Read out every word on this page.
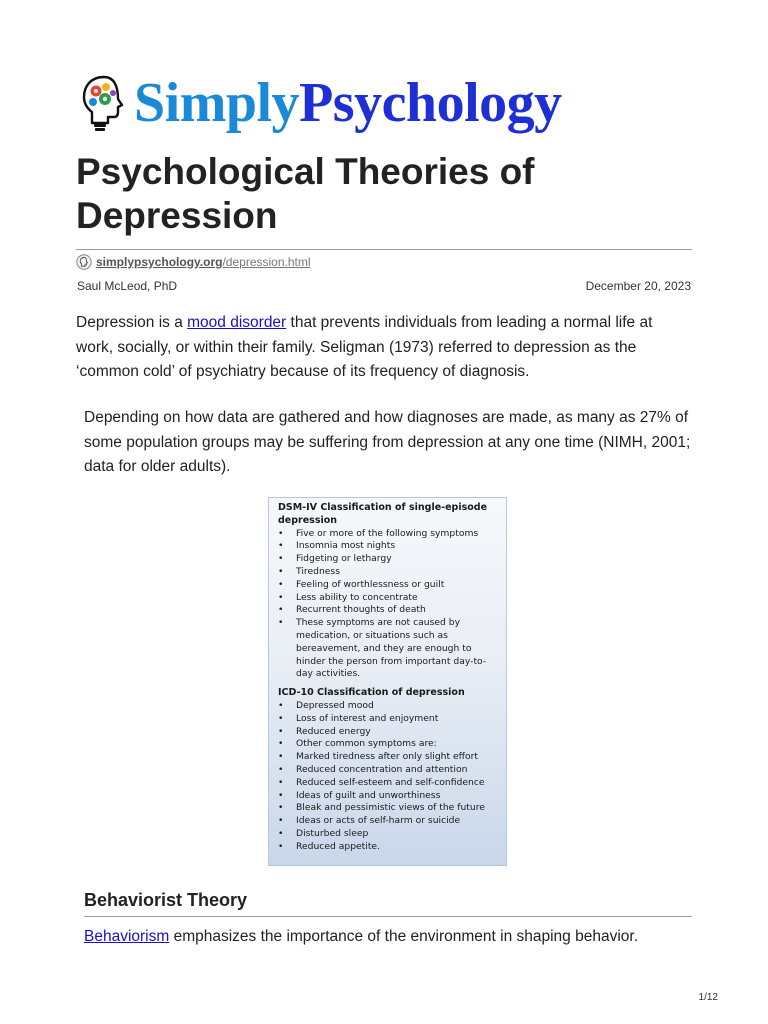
SimplyPsychology
Psychological Theories of Depression
simplypsychology.org/depression.html
Saul McLeod, PhD	December 20, 2023

Depression is a mood disorder that prevents individuals from leading a normal life at work, socially, or within their family. Seligman (1973) referred to depression as the ‘common cold’ of psychiatry because of its frequency of diagnosis.

Depending on how data are gathered and how diagnoses are made, as many as 27% of some population groups may be suffering from depression at any one time (NIMH, 2001; data for older adults).

DSM-IV Classification of single-episode depression

• Five or more of the following symptoms
• Insomnia most nights
• Fidgeting or lethargy
• Tiredness
• Feeling of worthlessness or guilt
• Less ability to concentrate
• Recurrent thoughts of death
• These symptoms are not caused by medication, or situations such as bereavement, and they are enough to hinder the person from important day-to-day activities.

ICD-10 Classification of depression

• Depressed mood
• Loss of interest and enjoyment
• Reduced energy
• Other common symptoms are:
• Marked tiredness after only slight effort
• Reduced concentration and attention
• Reduced self-esteem and self-confidence
• Ideas of guilt and unworthiness
• Bleak and pessimistic views of the future
• Ideas or acts of self-harm or suicide
• Disturbed sleep
• Reduced appetite.
Behaviorist Theory

Behaviorism emphasizes the importance of the environment in shaping behavior.

1/12
